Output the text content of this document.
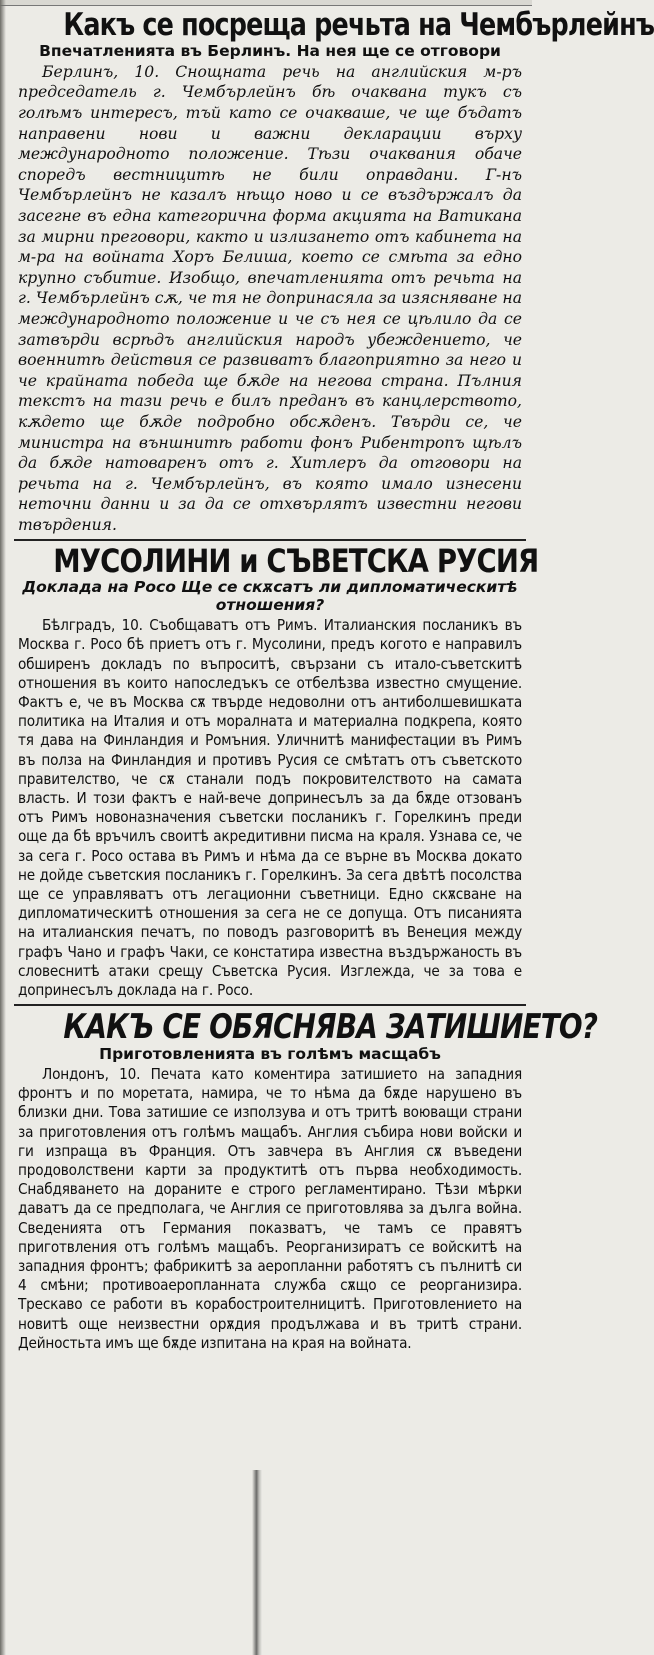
Какъ се посреща речьта на Чембърлейнъ
Впечатленията въ Берлинъ. На нея ще се отговори

Берлинъ, 10. Снощната речь на английския м-ръ председатель г. Чембърлейнъ бѣ очаквана тукъ съ голѣмъ интересъ, тъй като се очакваше, че ще бъдатъ направени нови и важни декларации върху международното положение. Тѣзи очаквания обаче споредъ вестницитѣ не били оправдани. Г-нъ Чембърлейнъ не казалъ нѣщо ново и се въздържалъ да засегне въ една категорична форма акцията на Ватикана за мирни преговори, както и излизането отъ кабинета на м-ра на войната Хоръ Белиша, което се смѣта за едно крупно събитие. Изобщо, впечатленията отъ речьта на г. Чембърлейнъ сѫ, че тя не допринасяла за изясняване на международното положение и че съ нея се цѣлило да се затвърди всрѣдъ английския народъ убеждението, че военнитѣ действия се развиватъ благоприятно за него и че крайната победа ще бѫде на негова страна. Пълния текстъ на тази речь е билъ преданъ въ канцлерството, кѫдето ще бѫде подробно обсѫденъ. Твърди се, че министра на външнитѣ работи фонъ Рибентропъ щѣлъ да бѫде натоваренъ отъ г. Хитлеръ да отговори на речьта на г. Чембърлейнъ, въ която имало изнесени неточни данни и за да се отхвърлятъ известни негови твърдения.

МУСОЛИНИ и СЪВЕТСКА РУСИЯ
Доклада на Росо Ще се скѫсатъ ли дипломатическитѣ отношения?

Бѣлградъ, 10. Съобщаватъ отъ Римъ. Италианския посланикъ въ Москва г. Росо бѣ приетъ отъ г. Мусолини, предъ когото е направилъ обширенъ докладъ по въпроситѣ, свързани съ итало-съветскитѣ отношения въ които напоследъкъ се отбелѣзва известно смущение. Фактъ е, че въ Москва сѫ твърде недоволни отъ антиболшевишката политика на Италия и отъ моралната и материална подкрепа, която тя дава на Финландия и Ромъния. Уличнитѣ манифестации въ Римъ въ полза на Финландия и противъ Русия се смѣтатъ отъ съветското правителство, че сѫ станали подъ покровителството на самата власть. И този фактъ е най-вече допринесълъ за да бѫде отзованъ отъ Римъ новоназначения съветски посланикъ г. Горелкинъ преди още да бѣ връчилъ своитѣ акредитивни писма на краля. Узнава се, че за сега г. Росо остава въ Римъ и нѣма да се върне въ Москва докато не дойде съветския посланикъ г. Горелкинъ. За сега двѣтѣ посолства ще се управляватъ отъ легационни съветници. Едно скѫсване на дипломатическитѣ отношения за сега не се допуща. Отъ писанията на италианския печатъ, по поводъ разговоритѣ въ Венеция между графъ Чано и графъ Чаки, се констатира известна въздържаность въ словеснитѣ атаки срещу Съветска Русия. Изглежда, че за това е допринесълъ доклада на г. Росо.

КАКЪ СЕ ОБЯСНЯВА ЗАТИШИЕТО?
Приготовленията въ голѣмъ масщабъ

Лондонъ, 10. Печата като коментира затишието на западния фронтъ и по моретата, намира, че то нѣма да бѫде нарушено въ близки дни. Това затишие се използува и отъ тритѣ воюващи страни за приготовления отъ голѣмъ мащабъ. Англия събира нови войски и ги изпраща въ Франция. Отъ завчера въ Англия сѫ въведени продоволствени карти за продуктитѣ отъ първа необходимость. Снабдяването на дораните е строго регламентирано. Тѣзи мѣрки даватъ да се предполага, че Англия се приготовлява за дълга война. Сведенията отъ Германия показватъ, че тамъ се правятъ приготвления отъ голѣмъ мащабъ. Реорганизиратъ се войскитѣ на западния фронтъ; фабрикитѣ за аеропланни работятъ съ пълнитѣ си 4 смѣни; противоаеропланната служба сѫщо се реорганизира. Трескаво се работи въ корабостроителницитѣ. Приготовлението на новитѣ още неизвестни орѫдия продължава и въ тритѣ страни. Дейностьта имъ ще бѫде изпитана на края на войната.
